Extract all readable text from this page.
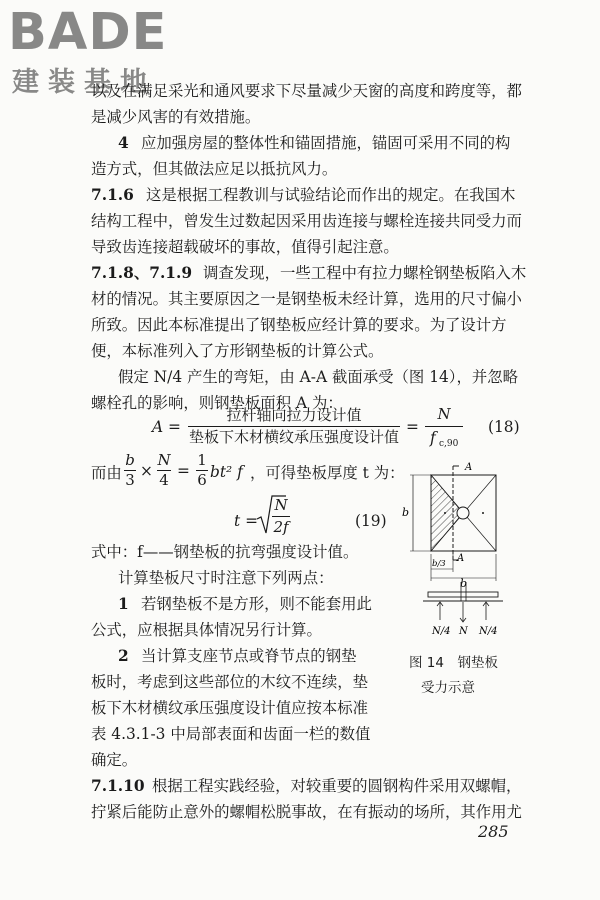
BADE
建装基地
以及在满足采光和通风要求下尽量减少天窗的高度和跨度等，都
是减少风害的有效措施。
4 应加强房屋的整体性和锚固措施，锚固可采用不同的构
造方式，但其做法应足以抵抗风力。
7.1.6 这是根据工程教训与试验结论而作出的规定。在我国木
结构工程中，曾发生过数起因采用齿连接与螺栓连接共同受力而
导致齿连接超载破坏的事故，值得引起注意。
7.1.8、7.1.9 调查发现，一些工程中有拉力螺栓钢垫板陷入木
材的情况。其主要原因之一是钢垫板未经计算，选用的尺寸偏小
所致。因此本标准提出了钢垫板应经计算的要求。为了设计方
便，本标准列入了方形钢垫板的计算公式。
假定 N/4 产生的弯矩，由 A-A 截面承受（图 14），并忽略
螺栓孔的影响，则钢垫板面积 A 为：
A =
拉杆轴向拉力设计值
垫板下木材横纹承压强度设计值
=
N
f c,90
(18)
而由
b
3 ×
N
4 =
1
6 bt² f ，可得垫板厚度 t 为：
t =
N
2f	(19)
式中：f——钢垫板的抗弯强度设计值。
计算垫板尺寸时注意下列两点：
1 若钢垫板不是方形，则不能套用此
公式，应根据具体情况另行计算。
2 当计算支座节点或脊节点的钢垫
板时，考虑到这些部位的木纹不连续，垫
板下木材横纹承压强度设计值应按本标准
表 4.3.1-3 中局部表面和齿面一栏的数值
确定。
7.1.10 根据工程实践经验，对较重要的圆钢构件采用双螺帽，
拧紧后能防止意外的螺帽松脱事故，在有振动的场所，其作用尤
A
A
b
b/3
b
N/4 N N/4
图 14　钢垫板
受力示意
285
